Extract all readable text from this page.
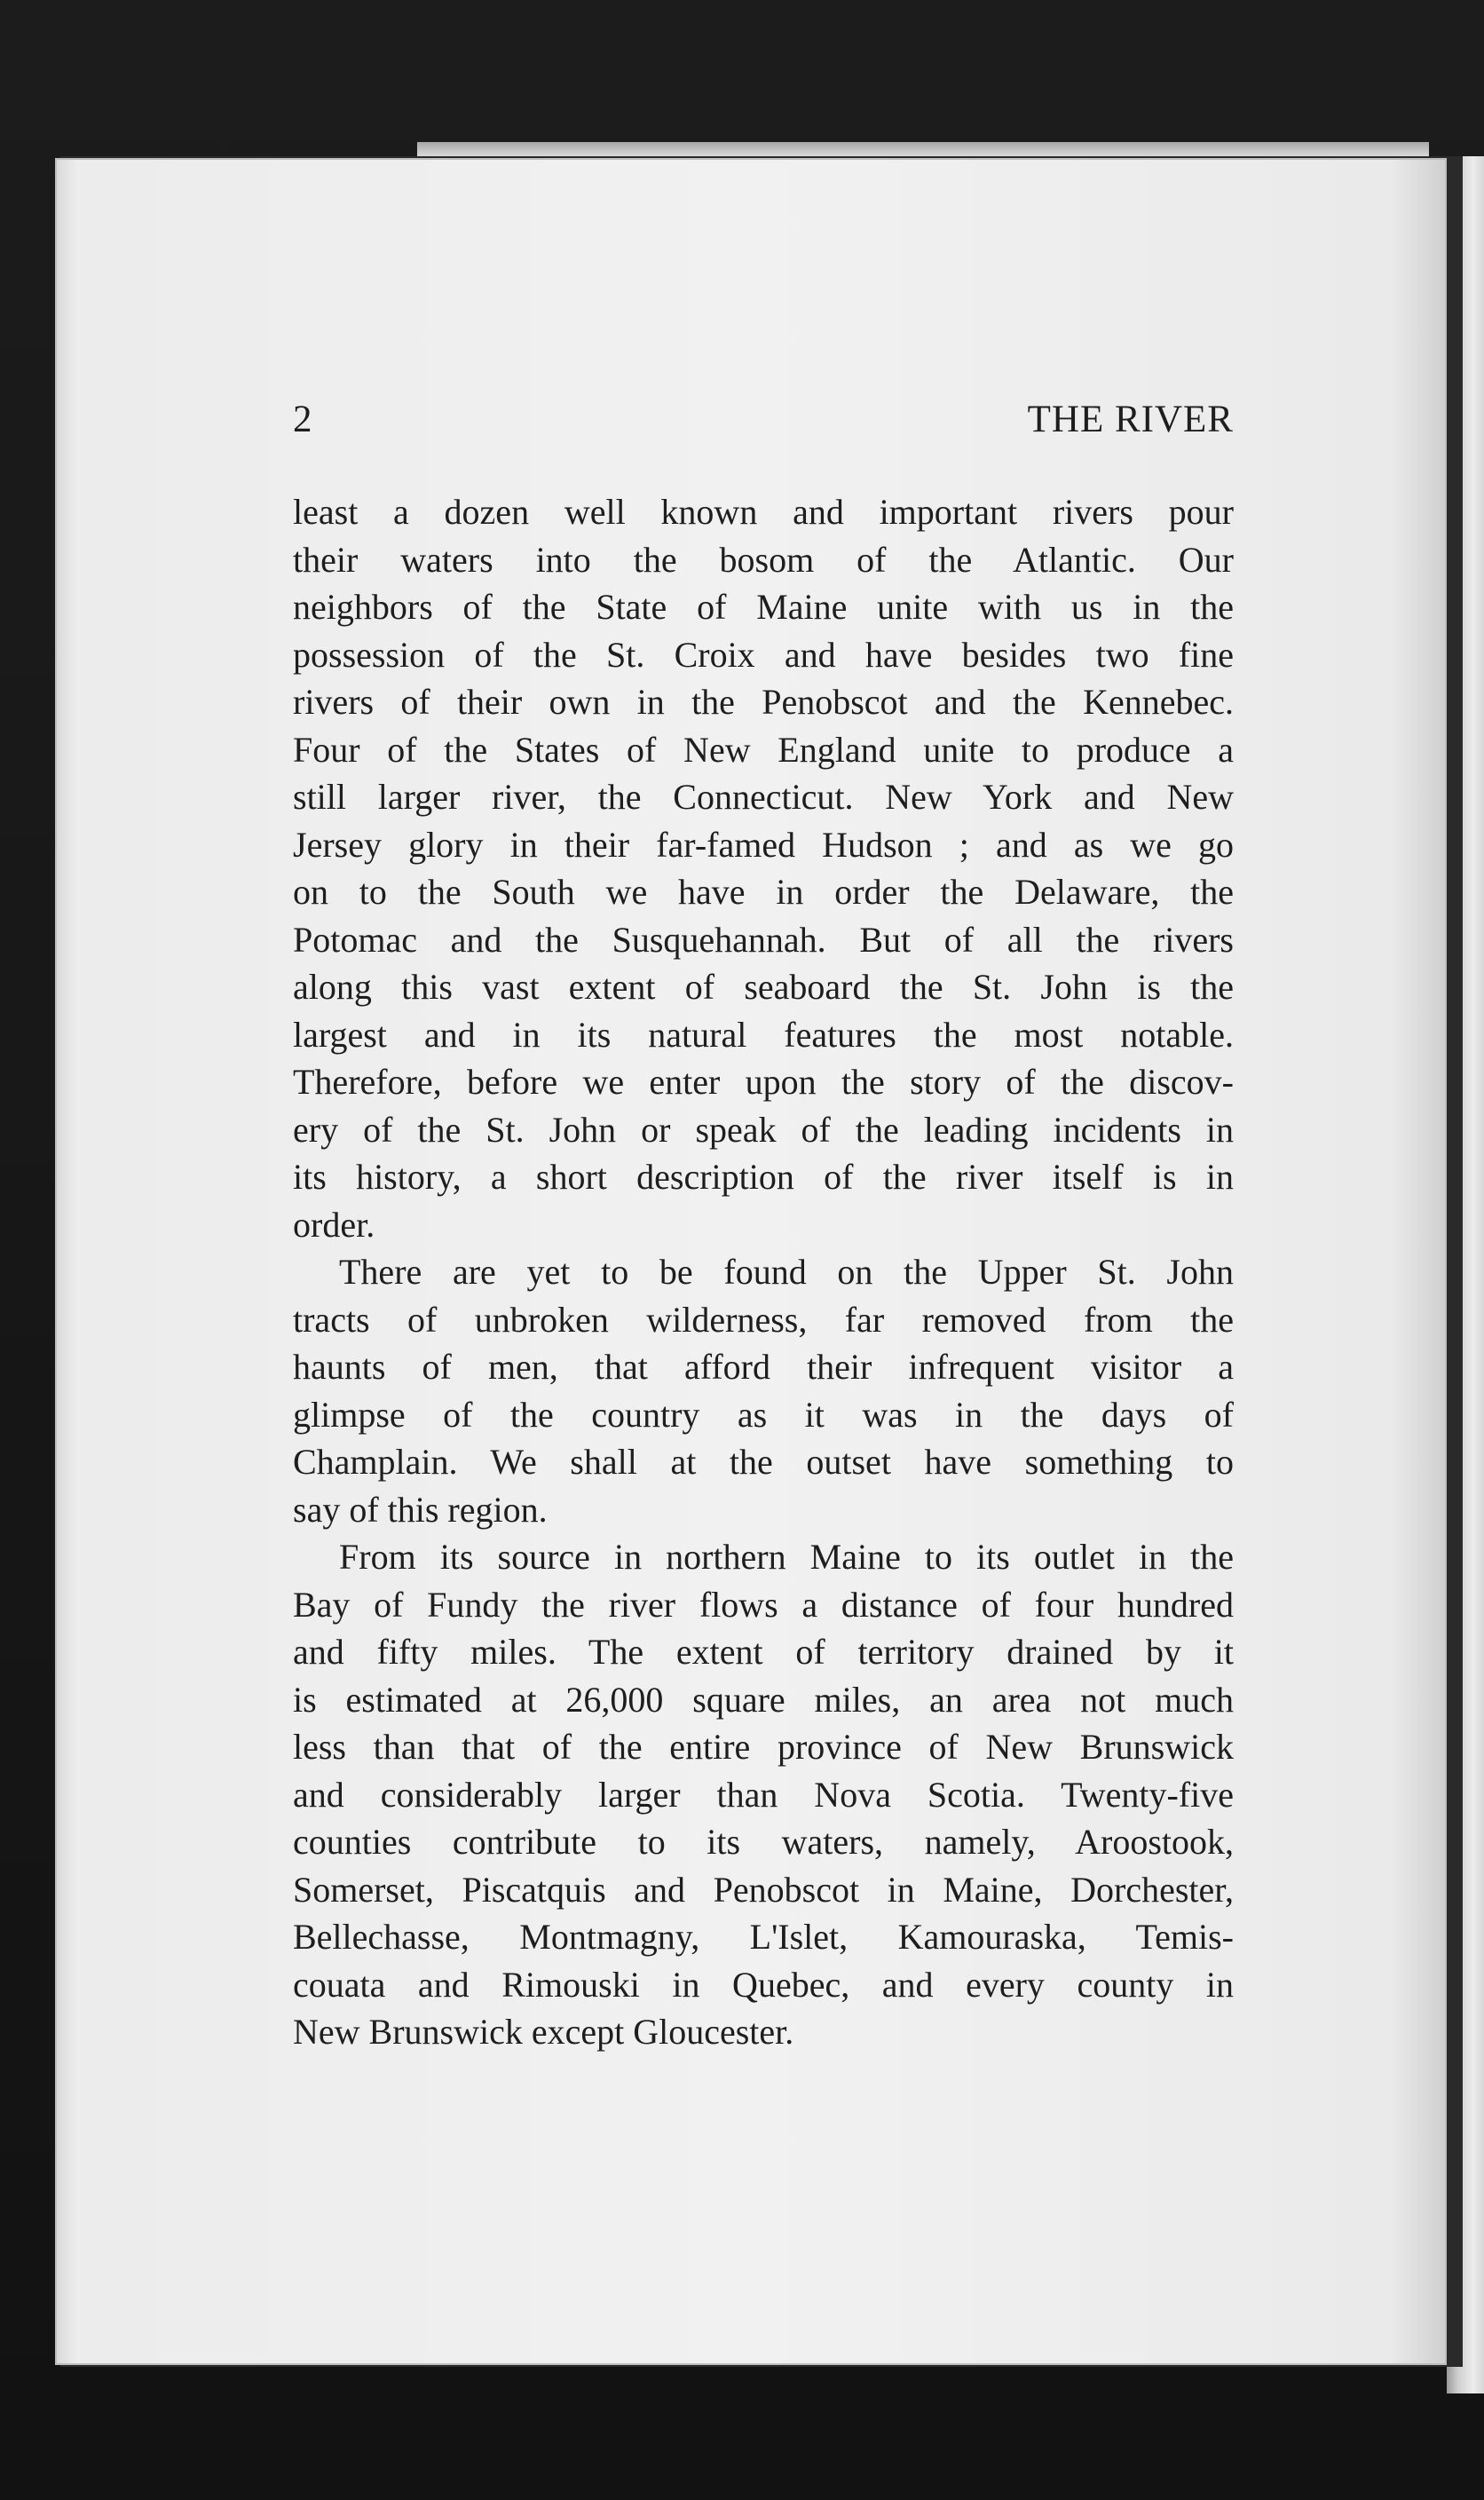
2	THE RIVER
least a dozen well known and important rivers pour
their waters into the bosom of the Atlantic. Our
neighbors of the State of Maine unite with us in the
possession of the St. Croix and have besides two fine
rivers of their own in the Penobscot and the Kennebec.
Four of the States of New England unite to produce a
still larger river, the Connecticut. New York and New
Jersey glory in their far-famed Hudson ; and as we go
on to the South we have in order the Delaware, the
Potomac and the Susquehannah. But of all the rivers
along this vast extent of seaboard the St. John is the
largest and in its natural features the most notable.
Therefore, before we enter upon the story of the discov-
ery of the St. John or speak of the leading incidents in
its history, a short description of the river itself is in
order.
There are yet to be found on the Upper St. John
tracts of unbroken wilderness, far removed from the
haunts of men, that afford their infrequent visitor a
glimpse of the country as it was in the days of
Champlain. We shall at the outset have something to
say of this region.
From its source in northern Maine to its outlet in the
Bay of Fundy the river flows a distance of four hundred
and fifty miles. The extent of territory drained by it
is estimated at 26,000 square miles, an area not much
less than that of the entire province of New Brunswick
and considerably larger than Nova Scotia. Twenty-five
counties contribute to its waters, namely, Aroostook,
Somerset, Piscatquis and Penobscot in Maine, Dorchester,
Bellechasse, Montmagny, L'Islet, Kamouraska, Temis-
couata and Rimouski in Quebec, and every county in
New Brunswick except Gloucester.
